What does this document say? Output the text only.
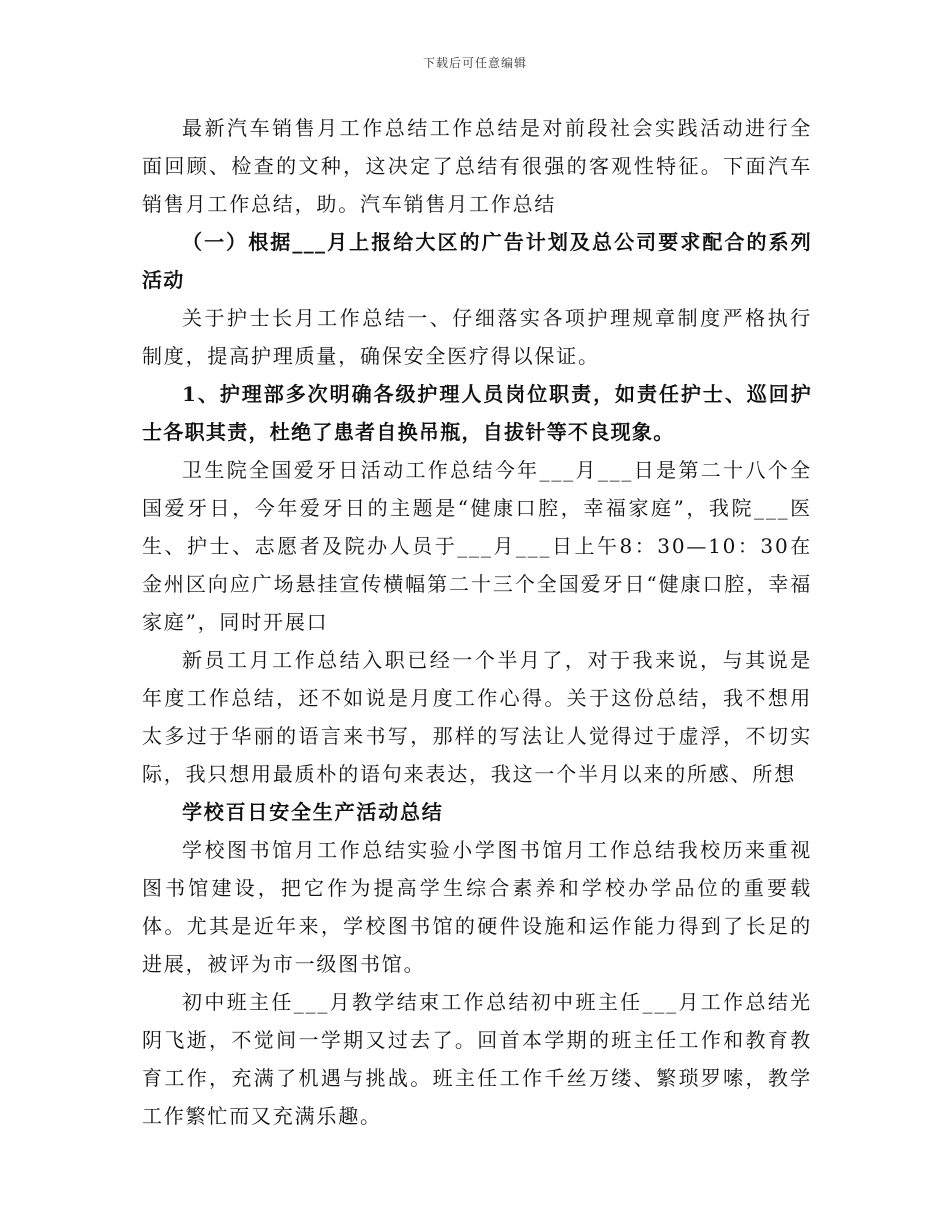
下载后可任意编辑

最新汽车销售月工作总结工作总结是对前段社会实践活动进行全面回顾、检查的文种，这决定了总结有很强的客观性特征。下面汽车销售月工作总结，助。汽车销售月工作总结

（一）根据___月上报给大区的广告计划及总公司要求配合的系列活动

关于护士长月工作总结一、仔细落实各项护理规章制度严格执行制度，提高护理质量，确保安全医疗得以保证。

1、护理部多次明确各级护理人员岗位职责，如责任护士、巡回护士各职其责，杜绝了患者自换吊瓶，自拔针等不良现象。

卫生院全国爱牙日活动工作总结今年___月___日是第二十八个全国爱牙日，今年爱牙日的主题是“健康口腔，幸福家庭”，我院___医生、护士、志愿者及院办人员于___月___日上午8：30—10：30在金州区向应广场悬挂宣传横幅第二十三个全国爱牙日“健康口腔，幸福家庭”，同时开展口

新员工月工作总结入职已经一个半月了，对于我来说，与其说是年度工作总结，还不如说是月度工作心得。关于这份总结，我不想用太多过于华丽的语言来书写，那样的写法让人觉得过于虚浮，不切实际，我只想用最质朴的语句来表达，我这一个半月以来的所感、所想

学校百日安全生产活动总结

学校图书馆月工作总结实验小学图书馆月工作总结我校历来重视图书馆建设，把它作为提高学生综合素养和学校办学品位的重要载体。尤其是近年来，学校图书馆的硬件设施和运作能力得到了长足的进展，被评为市一级图书馆。

初中班主任___月教学结束工作总结初中班主任___月工作总结光阴飞逝，不觉间一学期又过去了。回首本学期的班主任工作和教育教育工作，充满了机遇与挑战。班主任工作千丝万缕、繁琐罗嗦，教学工作繁忙而又充满乐趣。
